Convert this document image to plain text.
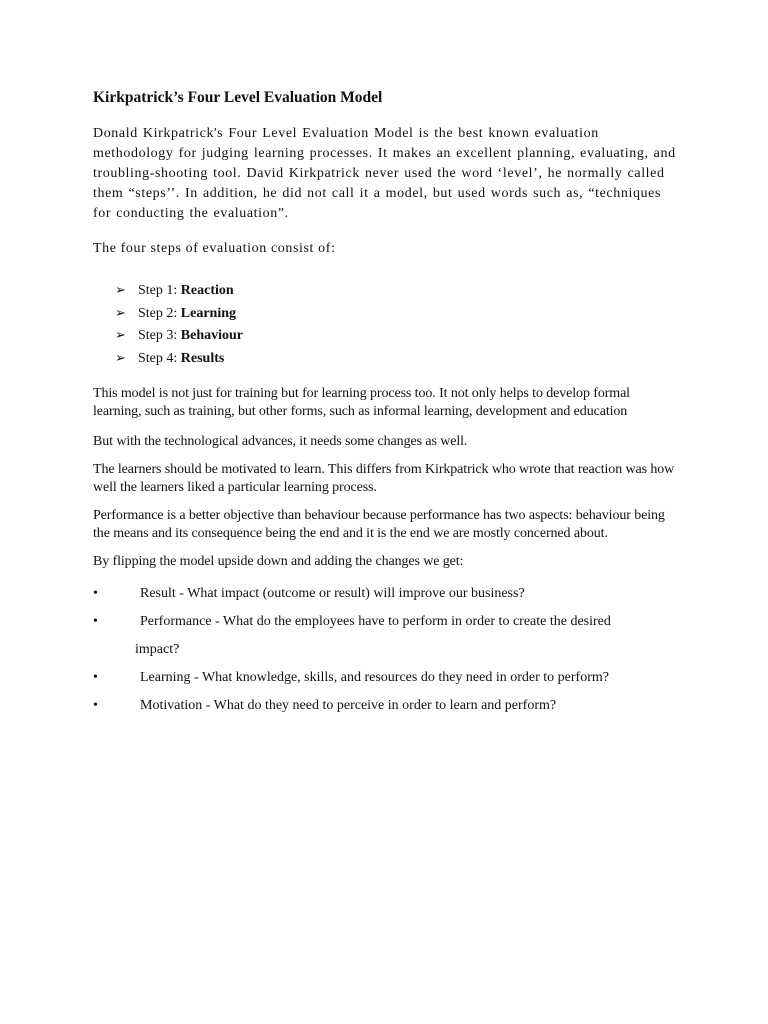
Kirkpatrick’s Four Level Evaluation Model

Donald Kirkpatrick's Four Level Evaluation Model is the best known evaluation methodology for judging learning processes. It makes an excellent planning, evaluating, and troubling-shooting tool. David Kirkpatrick never used the word ‘level’, he normally called them “steps’’. In addition, he did not call it a model, but used words such as, “techniques for conducting the evaluation”.

The four steps of evaluation consist of:

➢ Step 1: Reaction
➢ Step 2: Learning
➢ Step 3: Behaviour
➢ Step 4: Results

This model is not just for training but for learning process too. It not only helps to develop formal learning, such as training, but other forms, such as informal learning, development and education

But with the technological advances, it needs some changes as well.

The learners should be motivated to learn. This differs from Kirkpatrick who wrote that reaction was how well the learners liked a particular learning process.

Performance is a better objective than behaviour because performance has two aspects: behaviour being the means and its consequence being the end and it is the end we are mostly concerned about.

By flipping the model upside down and adding the changes we get:

•	Result - What impact (outcome or result) will improve our business?
•	Performance - What do the employees have to perform in order to create the desired
impact?
•	Learning - What knowledge, skills, and resources do they need in order to perform?
•	Motivation - What do they need to perceive in order to learn and perform?
